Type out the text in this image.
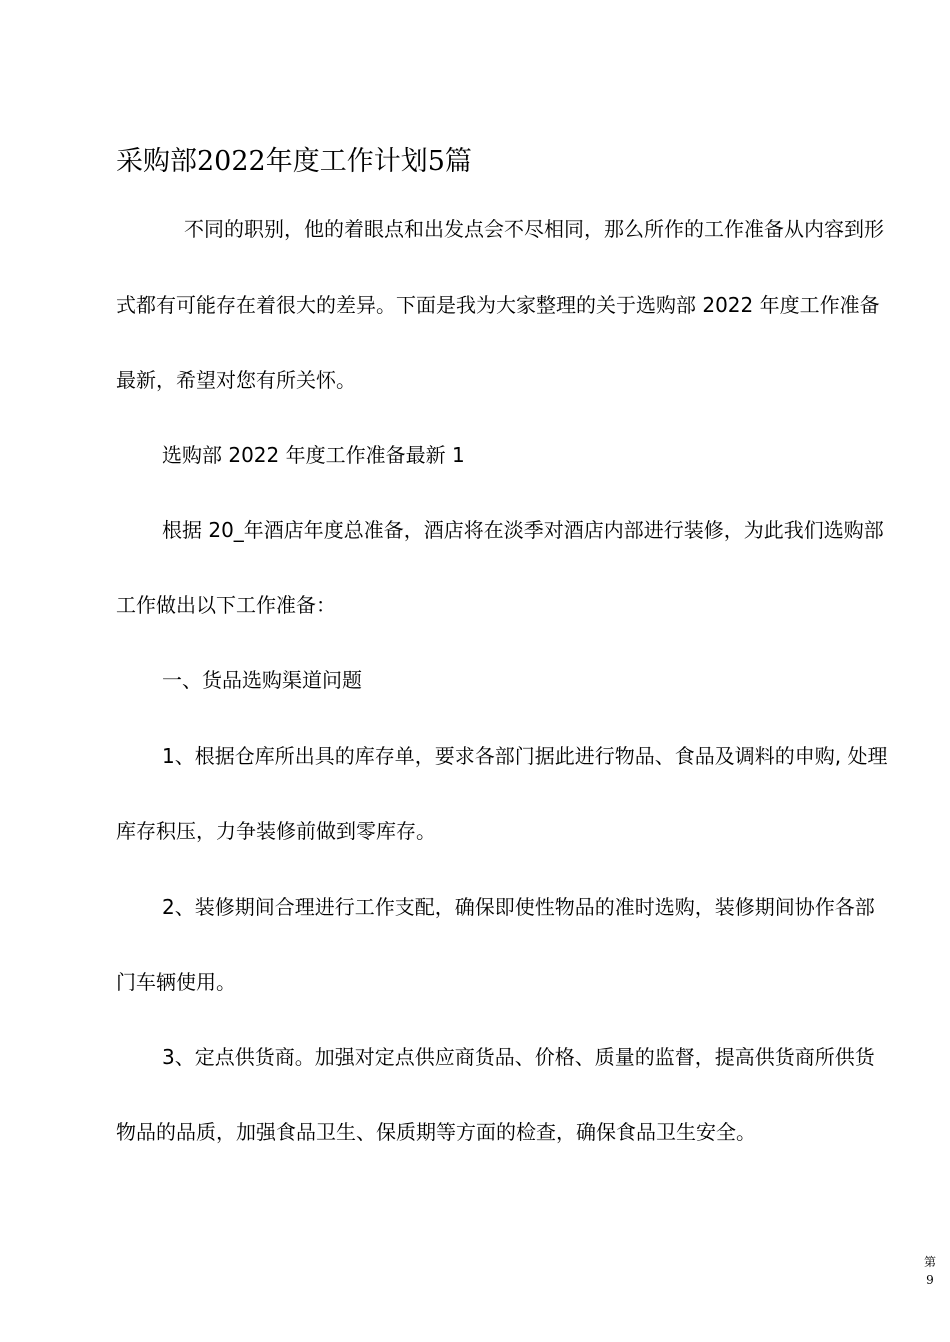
采购部2022年度工作计划5篇
不同的职别，他的着眼点和出发点会不尽相同，那么所作的工作准备从内容到形
式都有可能存在着很大的差异。下面是我为大家整理的关于选购部 2022 年度工作准备
最新，希望对您有所关怀。
选购部 2022 年度工作准备最新 1
根据 20_年酒店年度总准备，酒店将在淡季对酒店内部进行装修，为此我们选购部
工作做出以下工作准备：
一、货品选购渠道问题
1、根据仓库所出具的库存单，要求各部门据此进行物品、食品及调料的申购, 处理
库存积压，力争装修前做到零库存。
2、装修期间合理进行工作支配，确保即使性物品的准时选购，装修期间协作各部
门车辆使用。
3、定点供货商。加强对定点供应商货品、价格、质量的监督，提高供货商所供货
物品的品质，加强食品卫生、保质期等方面的检查，确保食品卫生安全。
第
9
